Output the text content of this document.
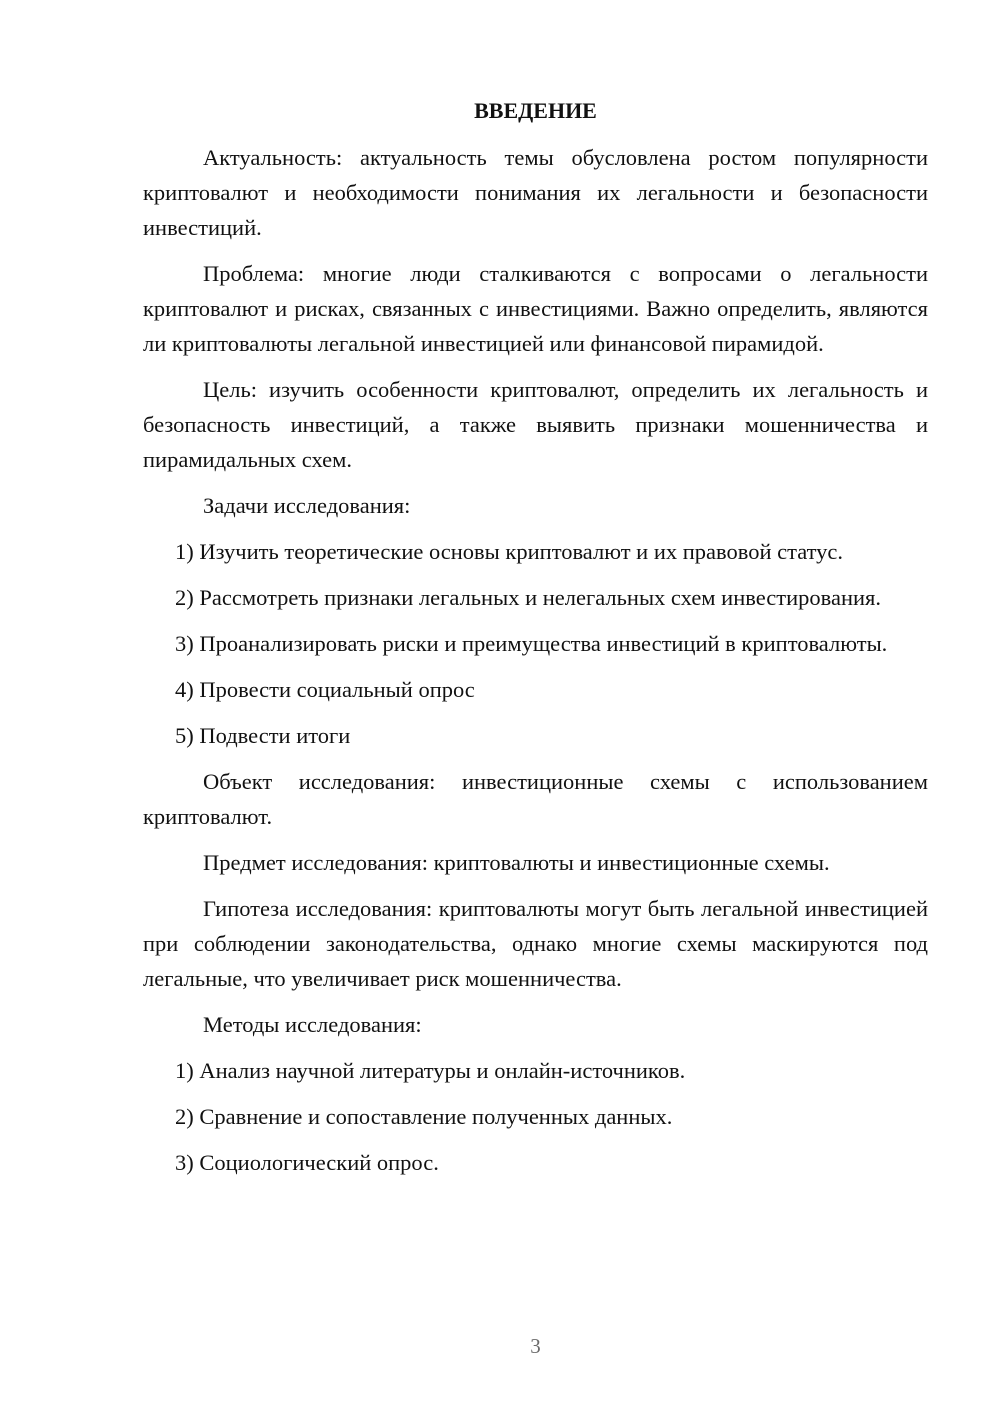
ВВЕДЕНИЕ

Актуальность: актуальность темы обусловлена ростом популярности криптовалют и необходимости понимания их легальности и безопасности инвестиций.

Проблема: многие люди сталкиваются с вопросами о легальности криптовалют и рисках, связанных с инвестициями. Важно определить, являются ли криптовалюты легальной инвестицией или финансовой пирамидой.

Цель: изучить особенности криптовалют, определить их легальность и безопасность инвестиций, а также выявить признаки мошенничества и пирамидальных схем.

Задачи исследования:

1) Изучить теоретические основы криптовалют и их правовой статус.

2) Рассмотреть признаки легальных и нелегальных схем инвестирования.

3) Проанализировать риски и преимущества инвестиций в криптовалюты.

4) Провести социальный опрос

5) Подвести итоги

Объект исследования: инвестиционные схемы с использованием криптовалют.

Предмет исследования: криптовалюты и инвестиционные схемы.

Гипотеза исследования: криптовалюты могут быть легальной инвестицией при соблюдении законодательства, однако многие схемы маскируются под легальные, что увеличивает риск мошенничества.

Методы исследования:

1) Анализ научной литературы и онлайн-источников.

2) Сравнение и сопоставление полученных данных.

3) Социологический опрос.

3
